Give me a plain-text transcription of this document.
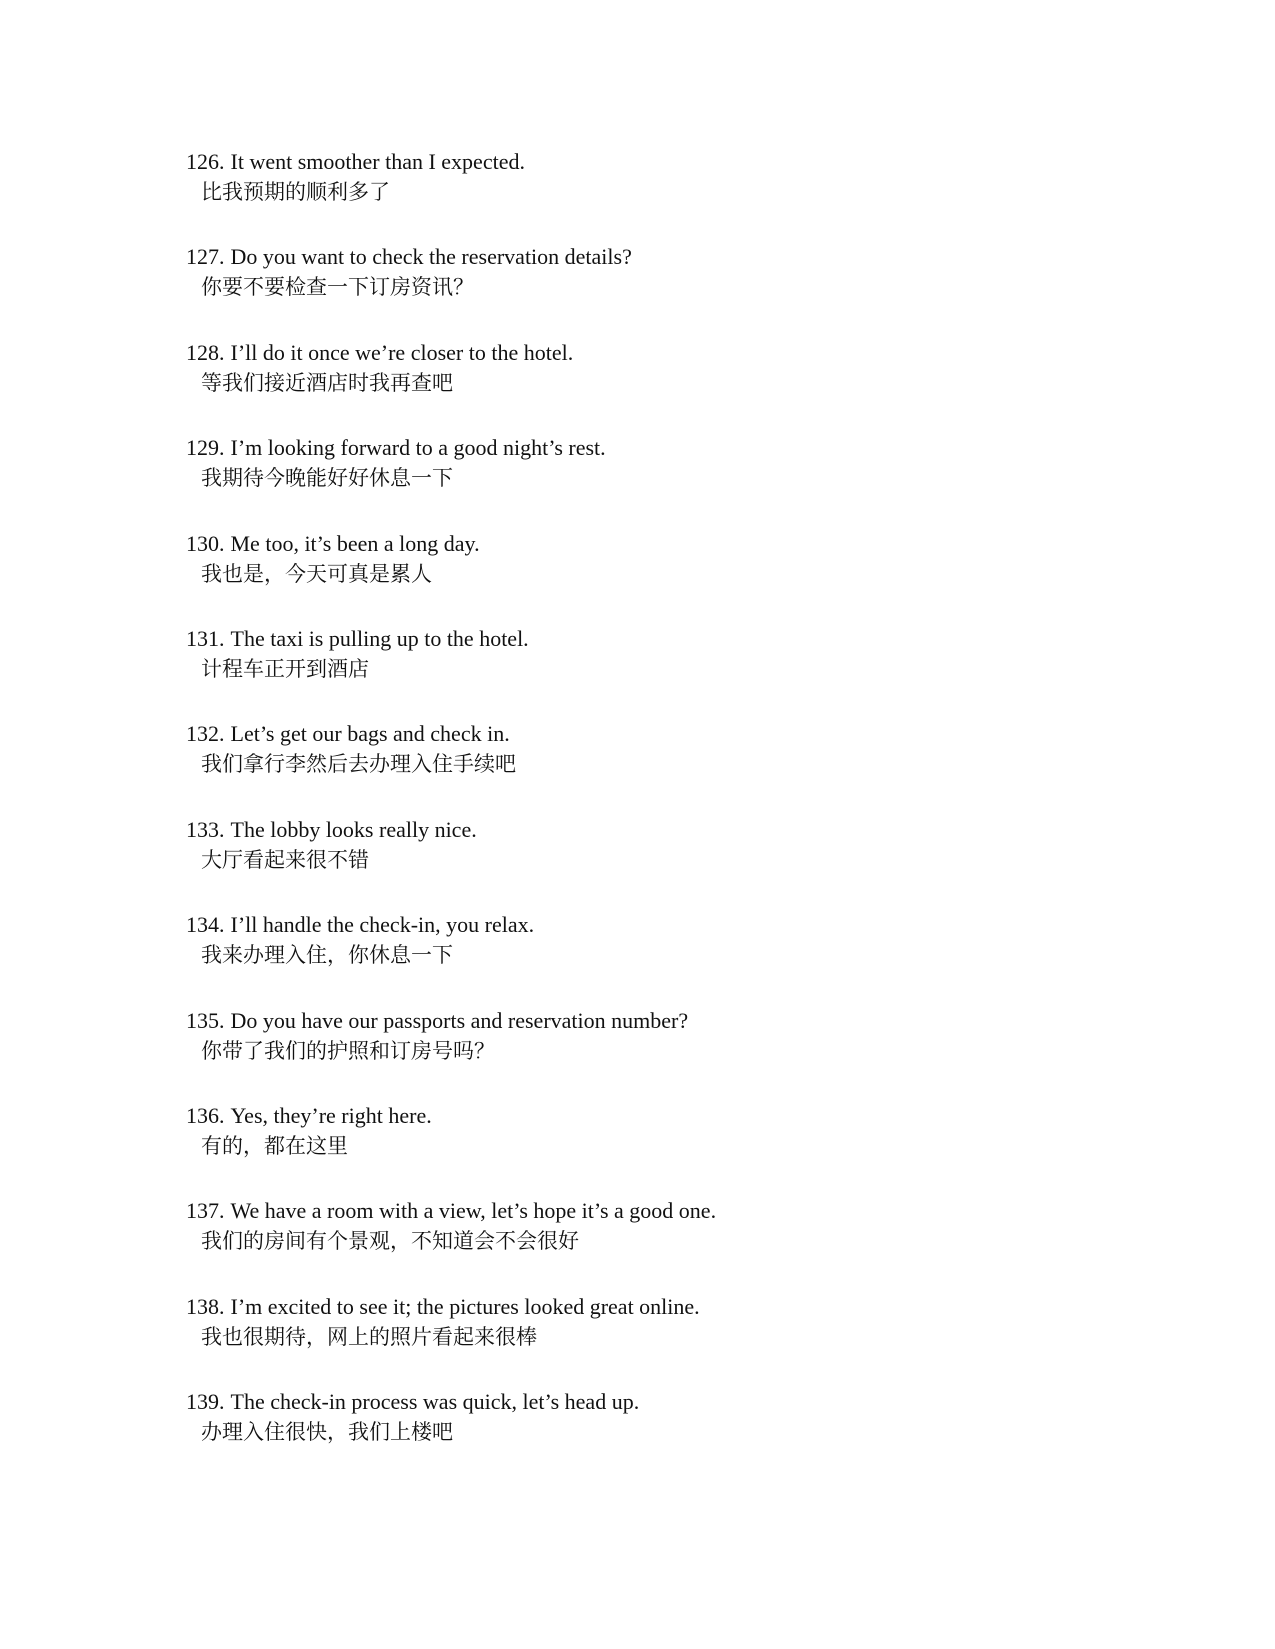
126. It went smoother than I expected.
比我预期的顺利多了
127. Do you want to check the reservation details?
你要不要检查一下订房资讯？
128. I’ll do it once we’re closer to the hotel.
等我们接近酒店时我再查吧
129. I’m looking forward to a good night’s rest.
我期待今晚能好好休息一下
130. Me too, it’s been a long day.
我也是，今天可真是累人
131. The taxi is pulling up to the hotel.
计程车正开到酒店
132. Let’s get our bags and check in.
我们拿行李然后去办理入住手续吧
133. The lobby looks really nice.
大厅看起来很不错
134. I’ll handle the check-in, you relax.
我来办理入住，你休息一下
135. Do you have our passports and reservation number?
你带了我们的护照和订房号吗？
136. Yes, they’re right here.
有的，都在这里
137. We have a room with a view, let’s hope it’s a good one.
我们的房间有个景观，不知道会不会很好
138. I’m excited to see it; the pictures looked great online.
我也很期待，网上的照片看起来很棒
139. The check-in process was quick, let’s head up.
办理入住很快，我们上楼吧
